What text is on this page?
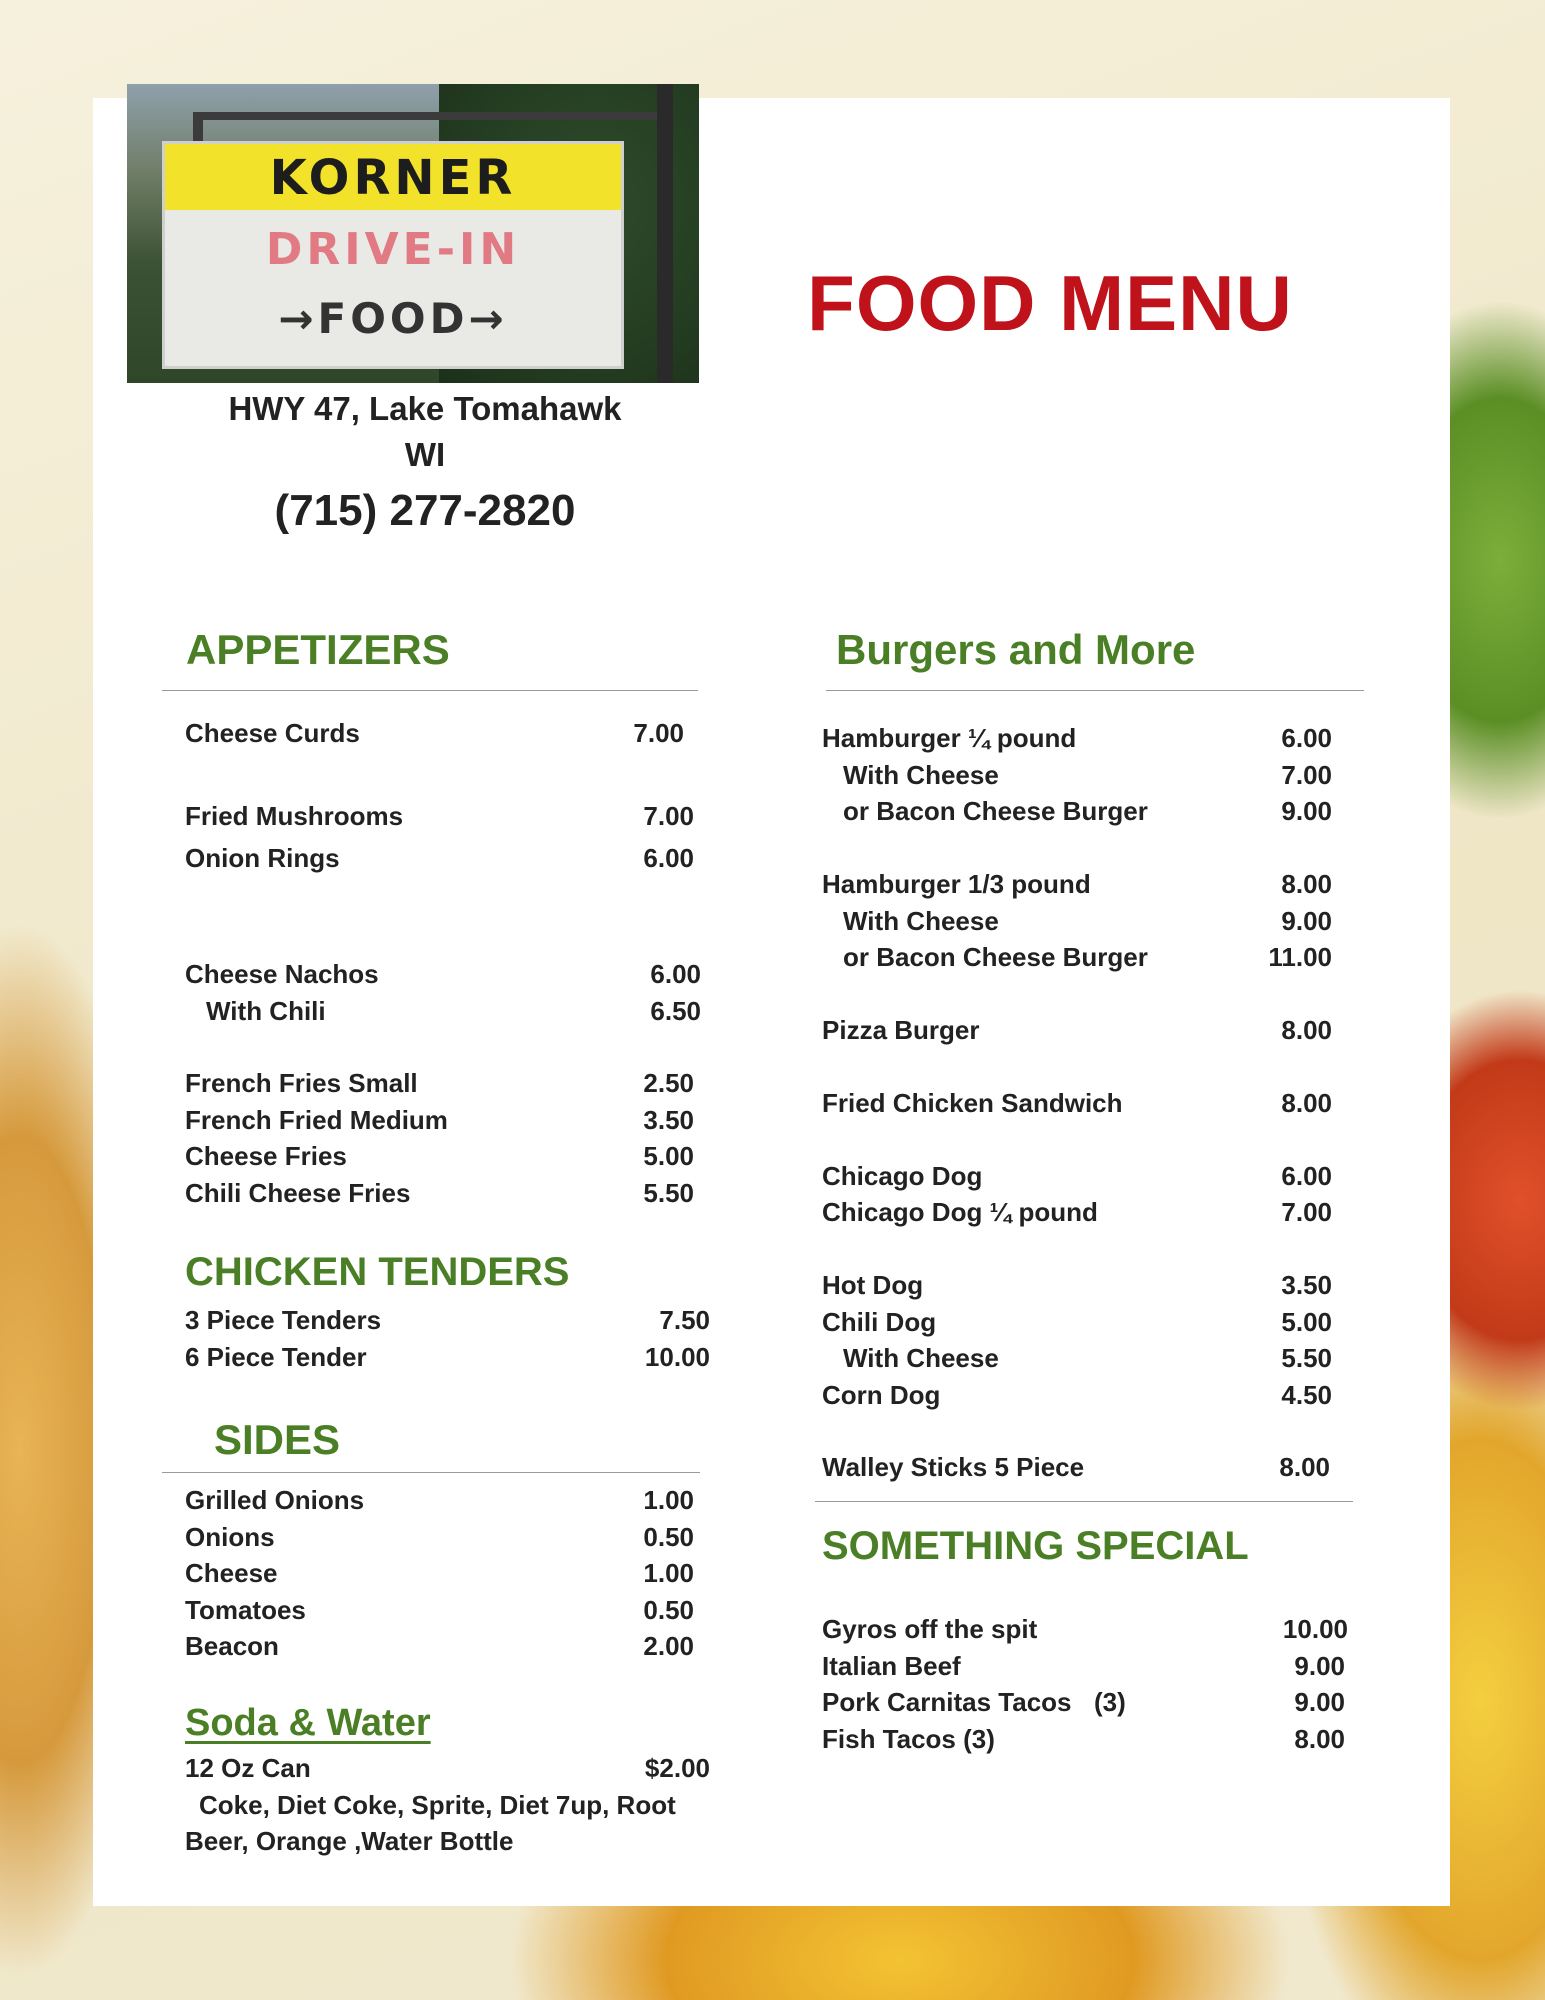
KORNER
DRIVE-IN
→FOOD→
HWY 47, Lake Tomahawk
WI
(715) 277-2820
FOOD MENU
APPETIZERS
Cheese Curds	7.00
Fried Mushrooms	7.00
Onion Rings	6.00
Cheese Nachos	6.00
With Chili	6.50
French Fries Small	2.50
French Fried Medium	3.50
Cheese Fries	5.00
Chili Cheese Fries	5.50
CHICKEN TENDERS
3 Piece Tenders	7.50
6 Piece Tender	10.00
SIDES
Grilled Onions	1.00
Onions	0.50
Cheese	1.00
Tomatoes	0.50
Beacon	2.00
Soda & Water
12 Oz Can	$2.00
Coke, Diet Coke, Sprite, Diet 7up, Root
Beer, Orange ,Water Bottle
Burgers and More
Hamburger ¼ pound	6.00
With Cheese	7.00
or Bacon Cheese Burger	9.00
Hamburger 1/3 pound	8.00
With Cheese	9.00
or Bacon Cheese Burger	11.00
Pizza Burger	8.00
Fried Chicken Sandwich	8.00
Chicago Dog	6.00
Chicago Dog ¼ pound	7.00
Hot Dog	3.50
Chili Dog	5.00
With Cheese	5.50
Corn Dog	4.50
Walley Sticks 5 Piece	8.00
SOMETHING SPECIAL
Gyros off the spit	10.00
Italian Beef	9.00
Pork Carnitas Tacos (3)	9.00
Fish Tacos (3)	8.00
